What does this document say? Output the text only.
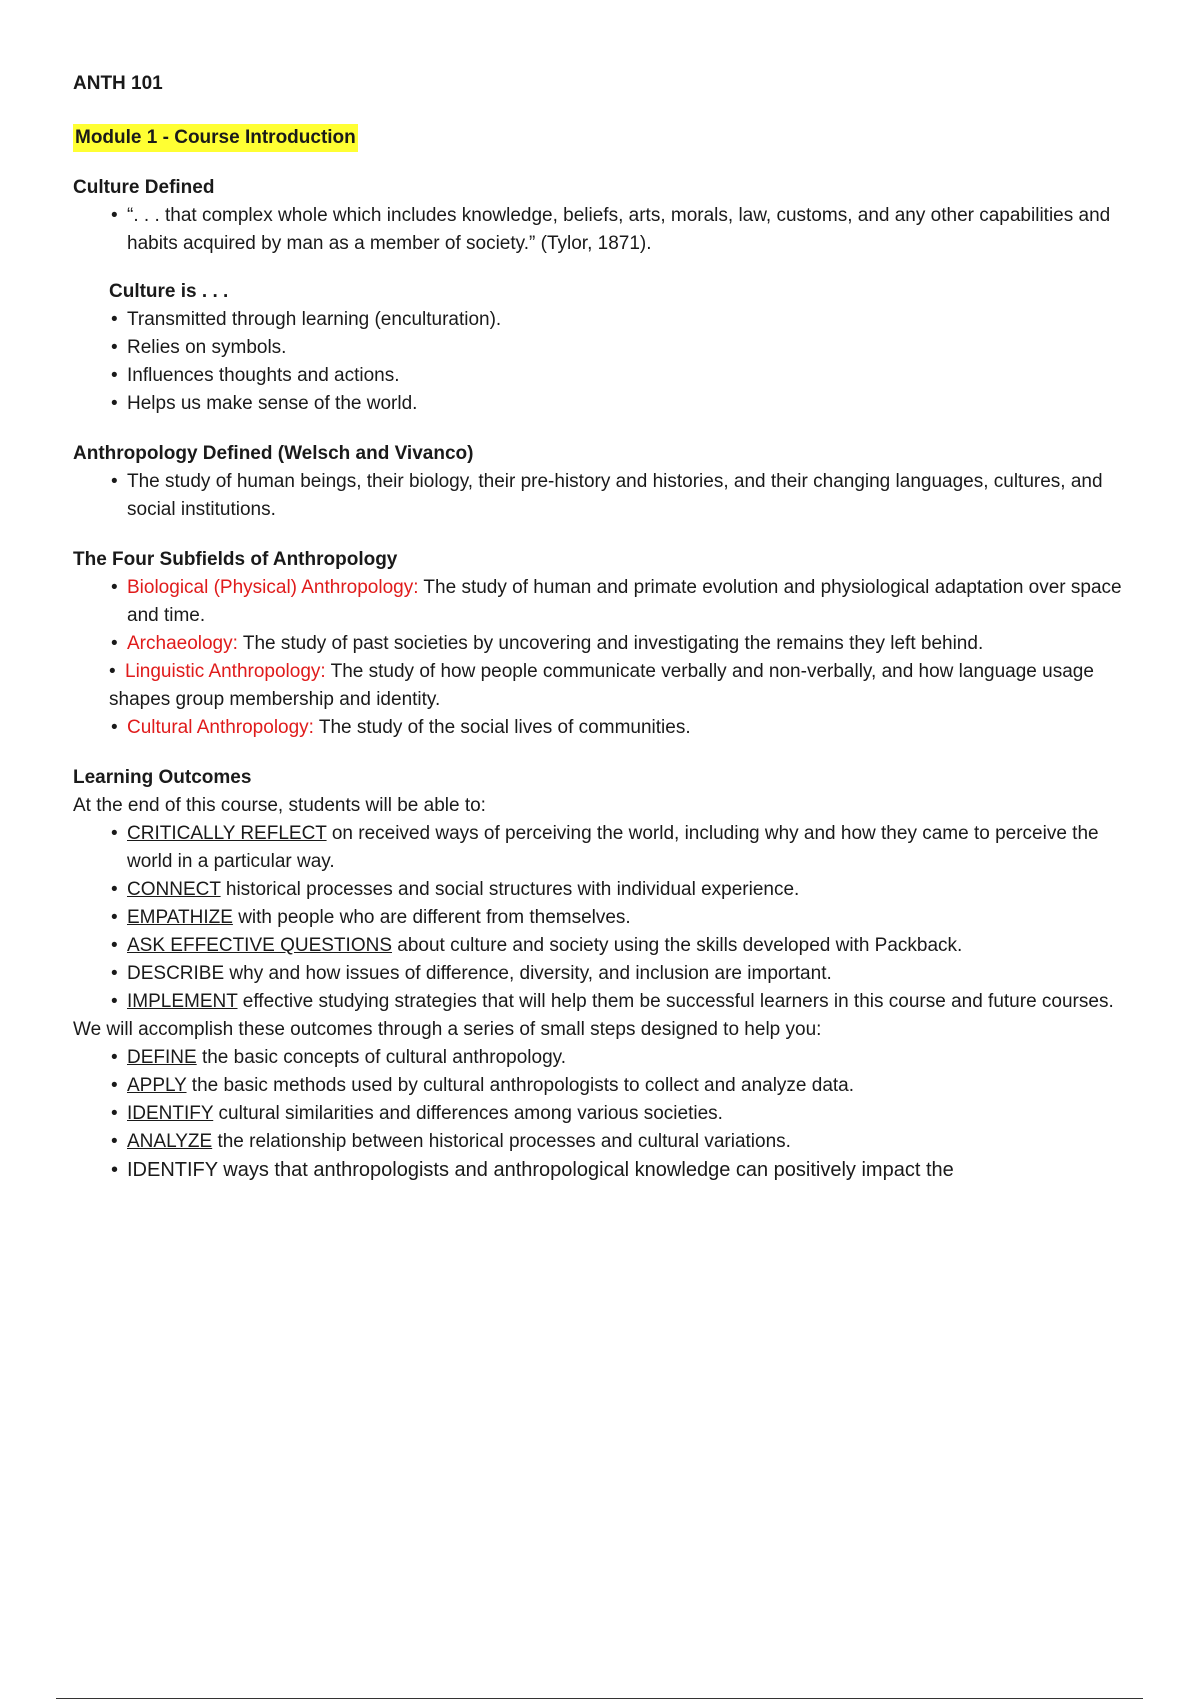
ANTH 101
Module 1 - Course Introduction
Culture Defined
• “. . . that complex whole which includes knowledge, beliefs, arts, morals, law, customs, and any other capabilities and habits acquired by man as a member of society.” (Tylor, 1871).
Culture is . . .
• Transmitted through learning (enculturation).
• Relies on symbols.
• Influences thoughts and actions.
• Helps us make sense of the world.
Anthropology Defined (Welsch and Vivanco)
• The study of human beings, their biology, their pre-history and histories, and their changing languages, cultures, and social institutions.
The Four Subfields of Anthropology
• Biological (Physical) Anthropology: The study of human and primate evolution and physiological adaptation over space and time.
• Archaeology: The study of past societies by uncovering and investigating the remains they left behind.
• Linguistic Anthropology: The study of how people communicate verbally and non-verbally, and how language usage shapes group membership and identity.
• Cultural Anthropology: The study of the social lives of communities.
Learning Outcomes

At the end of this course, students will be able to:

• CRITICALLY REFLECT on received ways of perceiving the world, including why and how they came to perceive the world in a particular way.
• CONNECT historical processes and social structures with individual experience.
• EMPATHIZE with people who are different from themselves.
• ASK EFFECTIVE QUESTIONS about culture and society using the skills developed with Packback.
• DESCRIBE why and how issues of difference, diversity, and inclusion are important.
• IMPLEMENT effective studying strategies that will help them be successful learners in this course and future courses.

We will accomplish these outcomes through a series of small steps designed to help you:

• DEFINE the basic concepts of cultural anthropology.
• APPLY the basic methods used by cultural anthropologists to collect and analyze data.
• IDENTIFY cultural similarities and differences among various societies.
• ANALYZE the relationship between historical processes and cultural variations.
• IDENTIFY ways that anthropologists and anthropological knowledge can positively impact the
